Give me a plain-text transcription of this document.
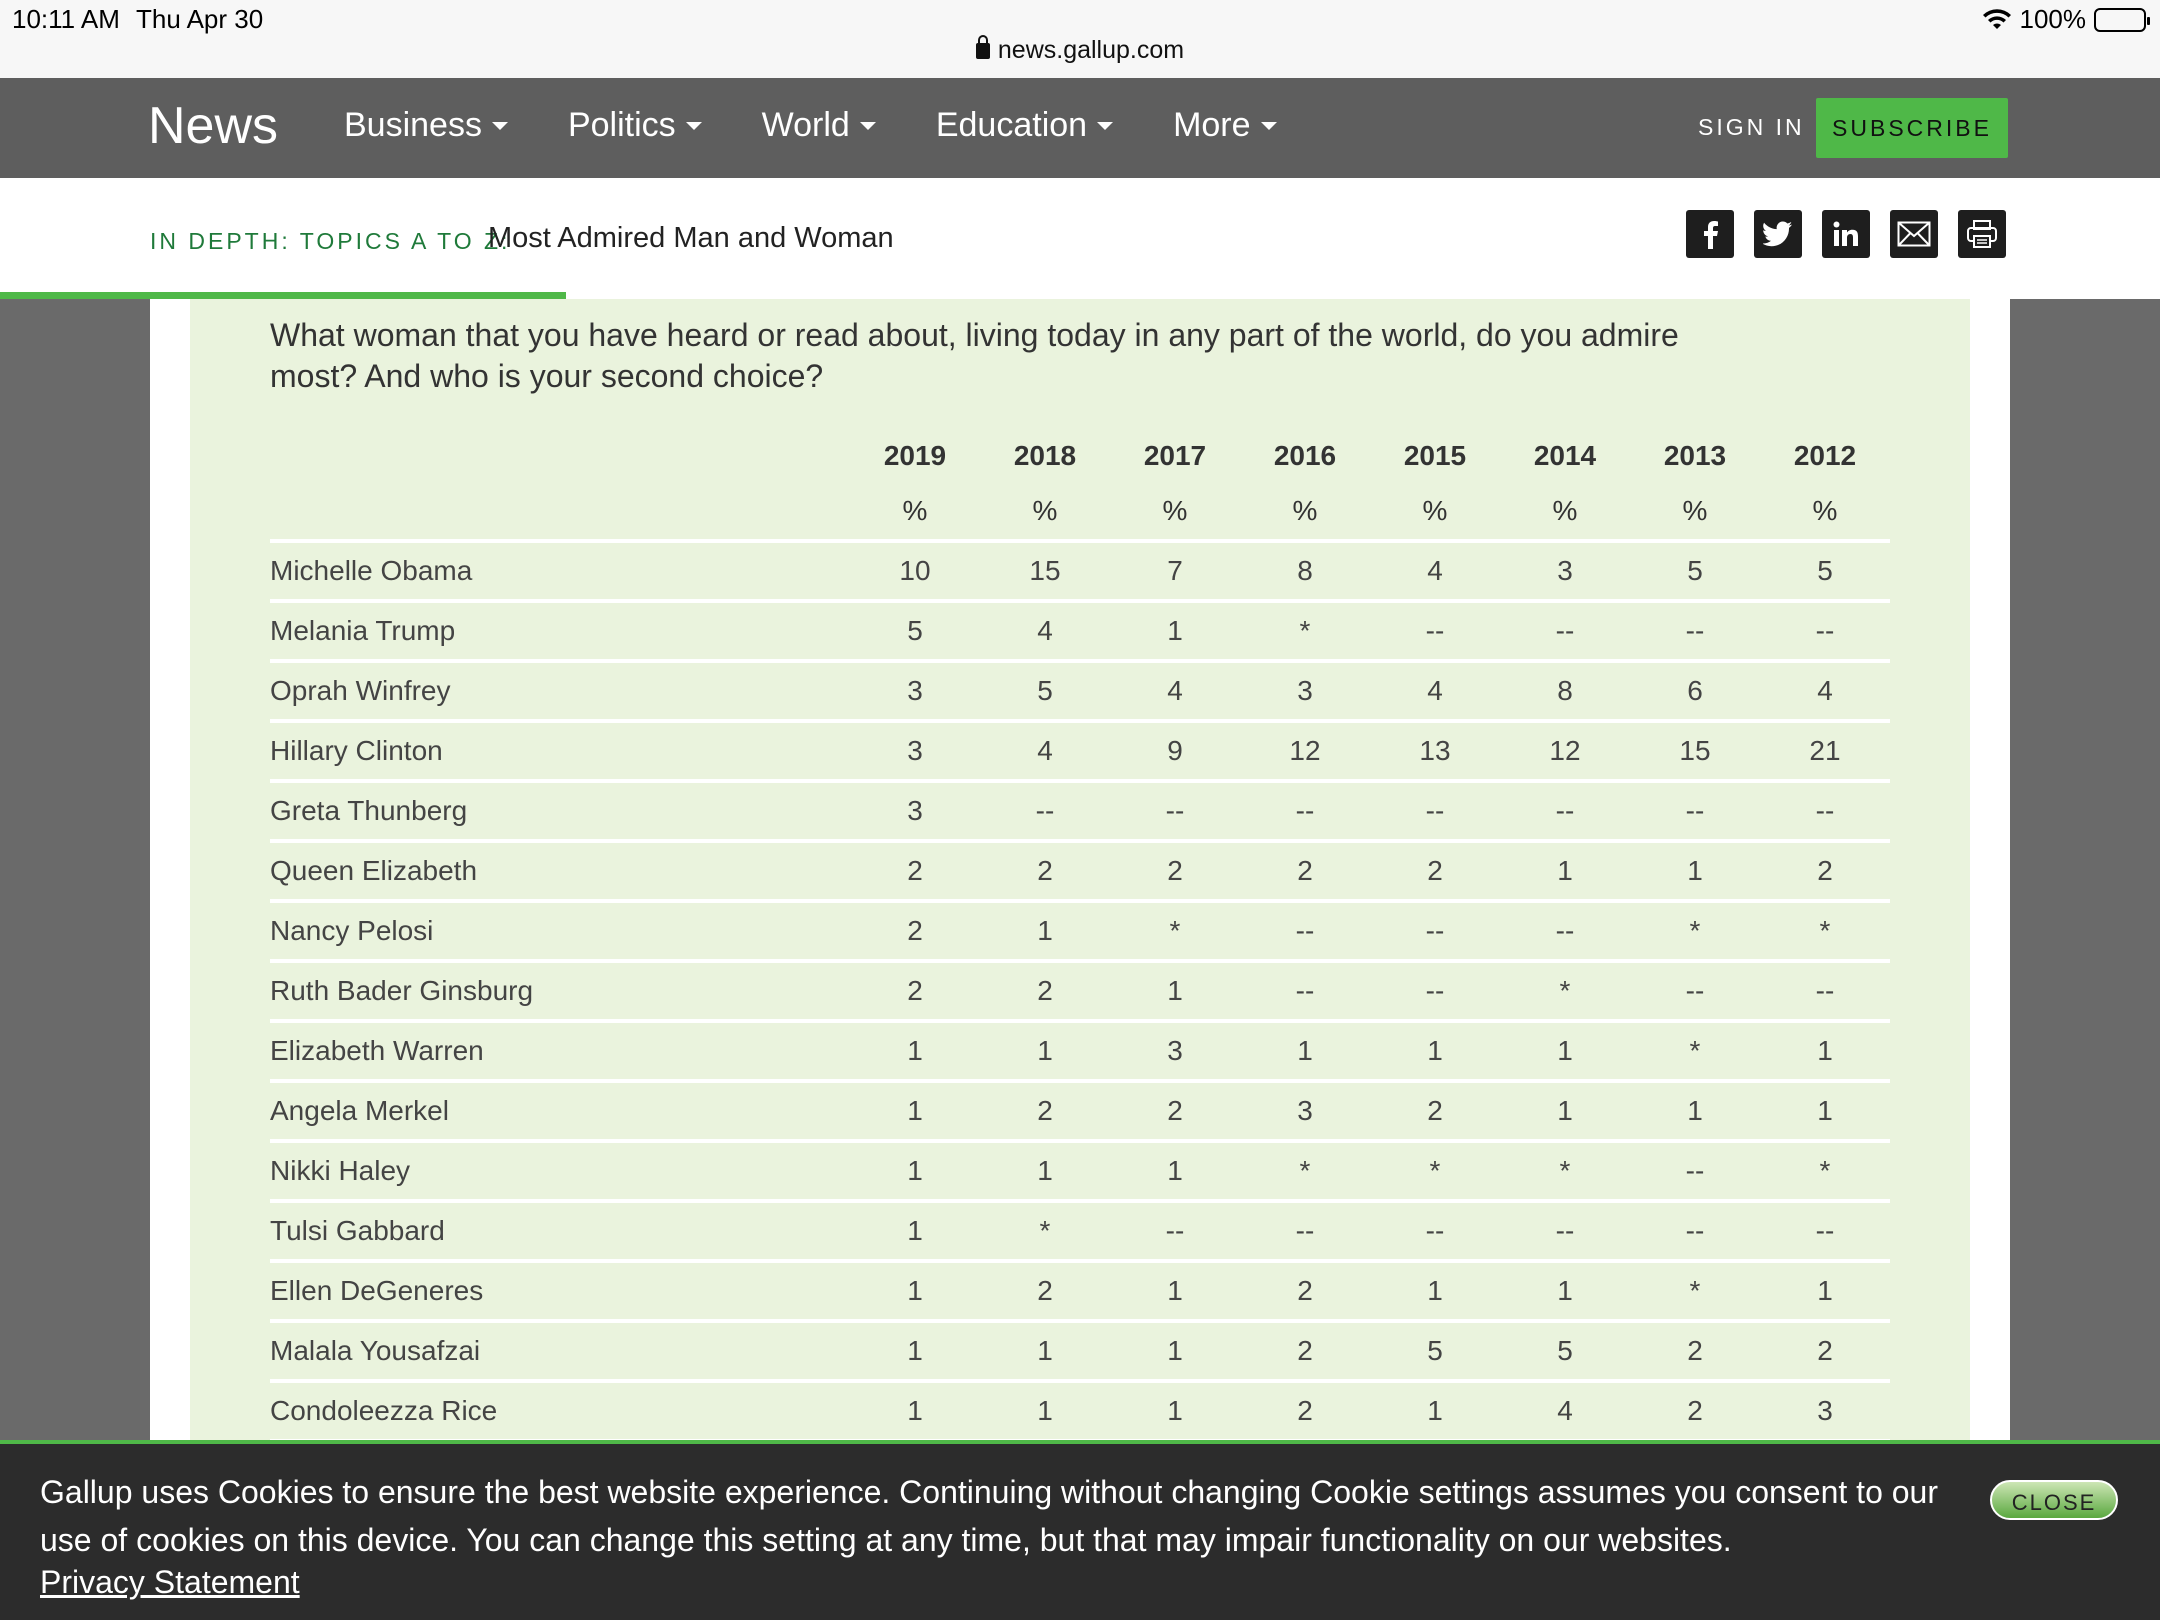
10:11 AM Thu Apr 30	100%
news.gallup.com
News Business	Politics	World	Education	More	SIGN IN	SUBSCRIBE
IN DEPTH: TOPICS A TO Z:
Most Admired Man and Woman
What woman that you have heard or read about, living today in any part of the world, do you admire most? And who is your second choice?
	2019	2018	2017	2016	2015	2014	2013	2012
	%	%	%	%	%	%	%	%
Michelle Obama	10	15	7	8	4	3	5	5
Melania Trump	5	4	1	*	--	--	--	--
Oprah Winfrey	3	5	4	3	4	8	6	4
Hillary Clinton	3	4	9	12	13	12	15	21
Greta Thunberg	3	--	--	--	--	--	--	--
Queen Elizabeth	2	2	2	2	2	1	1	2
Nancy Pelosi	2	1	*	--	--	--	*	*
Ruth Bader Ginsburg	2	2	1	--	--	*	--	--
Elizabeth Warren	1	1	3	1	1	1	*	1
Angela Merkel	1	2	2	3	2	1	1	1
Nikki Haley	1	1	1	*	*	*	--	*
Tulsi Gabbard	1	*	--	--	--	--	--	--
Ellen DeGeneres	1	2	1	2	1	1	*	1
Malala Yousafzai	1	1	1	2	5	5	2	2
Condoleezza Rice	1	1	1	2	1	4	2	3
Gallup uses Cookies to ensure the best website experience. Continuing without changing Cookie settings assumes you consent to our use of cookies on this device. You can change this setting at any time, but that may impair functionality on our websites.
Privacy Statement
CLOSE
